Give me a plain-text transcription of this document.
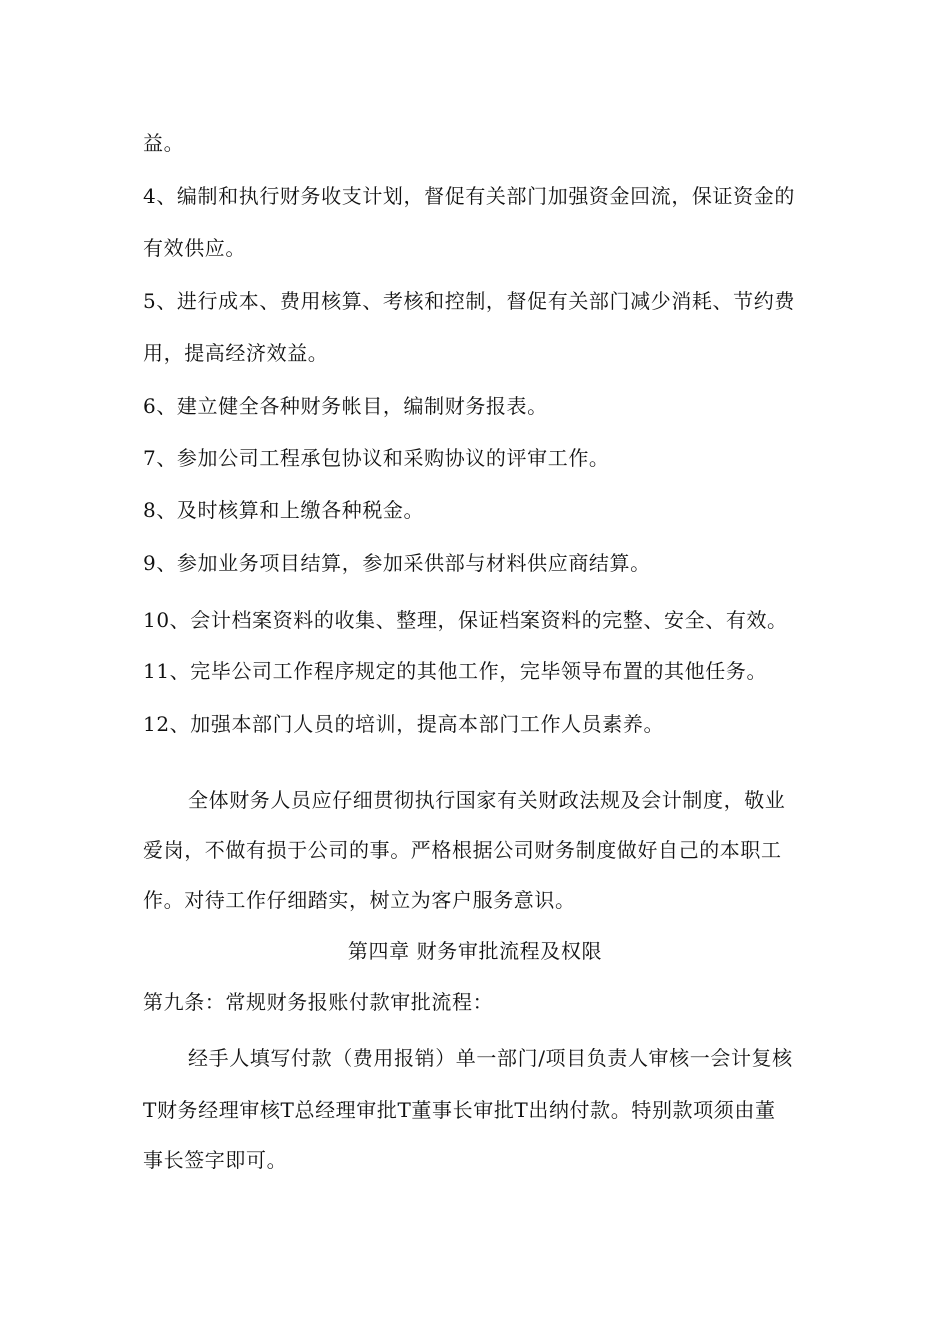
益。
4、编制和执行财务收支计划，督促有关部门加强资金回流，保证资金的
有效供应。
5、进行成本、费用核算、考核和控制，督促有关部门减少消耗、节约费
用，提高经济效益。
6、建立健全各种财务帐目，编制财务报表。
7、参加公司工程承包协议和采购协议的评审工作。
8、及时核算和上缴各种税金。
9、参加业务项目结算，参加采供部与材料供应商结算。
10、会计档案资料的收集、整理，保证档案资料的完整、安全、有效。
11、完毕公司工作程序规定的其他工作，完毕领导布置的其他任务。
12、加强本部门人员的培训，提高本部门工作人员素养。
全体财务人员应仔细贯彻执行国家有关财政法规及会计制度，敬业
爱岗，不做有损于公司的事。严格根据公司财务制度做好自己的本职工
作。对待工作仔细踏实，树立为客户服务意识。
第四章 财务审批流程及权限
第九条：常规财务报账付款审批流程：
经手人填写付款（费用报销）单一部门/项目负责人审核一会计复核
T财务经理审核T总经理审批T董事长审批T出纳付款。特别款项须由董
事长签字即可。
